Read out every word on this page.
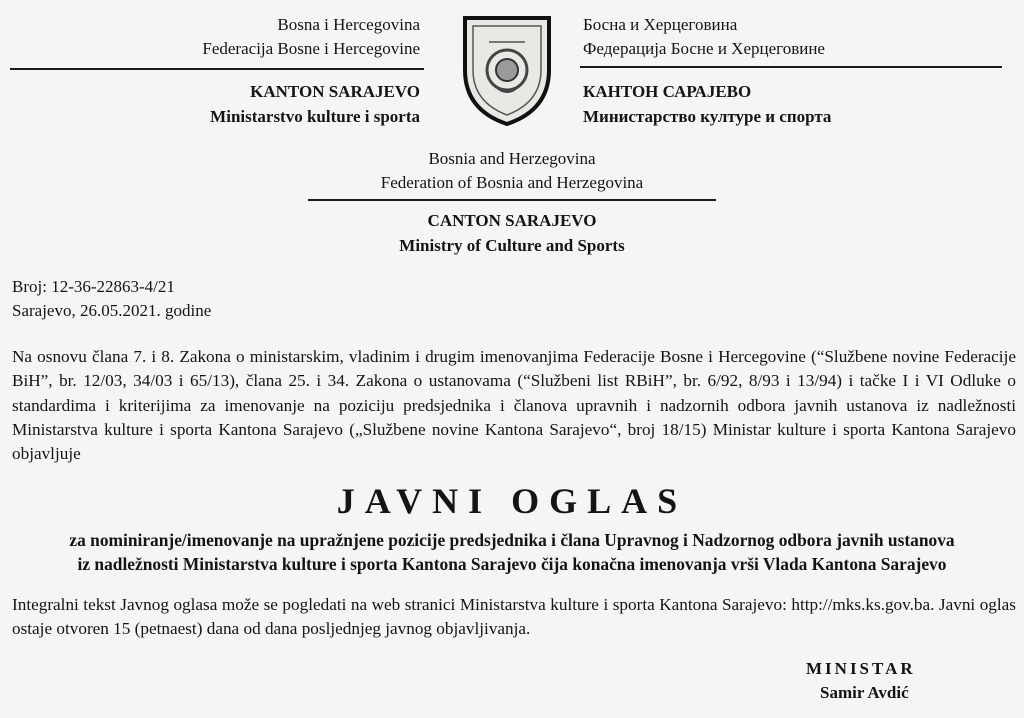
Bosna i Hercegovina
Federacija Bosne i Hercegovine
KANTON SARAJEVO
Ministarstvo kulture i sporta
Босна и Херцеговина
Федерација Босне и Херцеговине
КАНТОН САРАЈЕВО
Министарство културе и спорта
Bosnia and Herzegovina
Federation of Bosnia and Herzegovina
CANTON SARAJEVO
Ministry of Culture and Sports
Broj: 12-36-22863-4/21
Sarajevo, 26.05.2021. godine
Na osnovu člana 7. i 8. Zakona o ministarskim, vladinim i drugim imenovanjima Federacije Bosne i Hercegovine (“Službene novine Federacije BiH”, br. 12/03, 34/03 i 65/13), člana 25. i 34. Zakona o ustanovama (“Službeni list RBiH”, br. 6/92, 8/93 i 13/94) i tačke I i VI Odluke o standardima i kriterijima za imenovanje na poziciju predsjednika i članova upravnih i nadzornih odbora javnih ustanova iz nadležnosti Ministarstva kulture i sporta Kantona Sarajevo („Službene novine Kantona Sarajevo“, broj 18/15) Ministar kulture i sporta Kantona Sarajevo objavljuje
JAVNI OGLAS
za nominiranje/imenovanje na upražnjene pozicije predsjednika i člana Upravnog i Nadzornog odbora javnih ustanova
iz nadležnosti Ministarstva kulture i sporta Kantona Sarajevo čija konačna imenovanja vrši Vlada Kantona Sarajevo
Integralni tekst Javnog oglasa može se pogledati na web stranici Ministarstva kulture i sporta Kantona Sarajevo: http://mks.ks.gov.ba. Javni oglas ostaje otvoren 15 (petnaest) dana od dana posljednjeg javnog objavljivanja.
MINISTAR
Samir Avdić
